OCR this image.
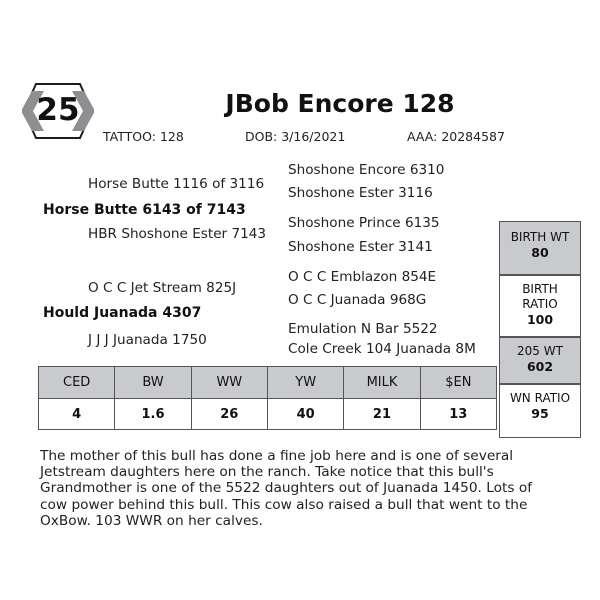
25	JBob Encore 128
TATTOO: 128	DOB: 3/16/2021	AAA: 20284587
Shoshone Encore 6310
Horse Butte 1116 of 3116
Shoshone Ester 3116
Horse Butte 6143 of 7143
Shoshone Prince 6135
HBR Shoshone Ester 7143
Shoshone Ester 3141
O C C Emblazon 854E
O C C Jet Stream 825J
O C C Juanada 968G
Hould Juanada 4307
Emulation N Bar 5522
J J J Juanada 1750
Cole Creek 104 Juanada 8M
BIRTH WT
80
BIRTH
RATIO
100
205 WT
602
WN RATIO
95
CED	BW	WW	YW	MILK	$EN
4	1.6	26	40	21	13
The mother of this bull has done a fine job here and is one of several Jetstream daughters here on the ranch. Take notice that this bull's Grandmother is one of the 5522 daughters out of Juanada 1450. Lots of cow power behind this bull. This cow also raised a bull that went to the OxBow. 103 WWR on her calves.
